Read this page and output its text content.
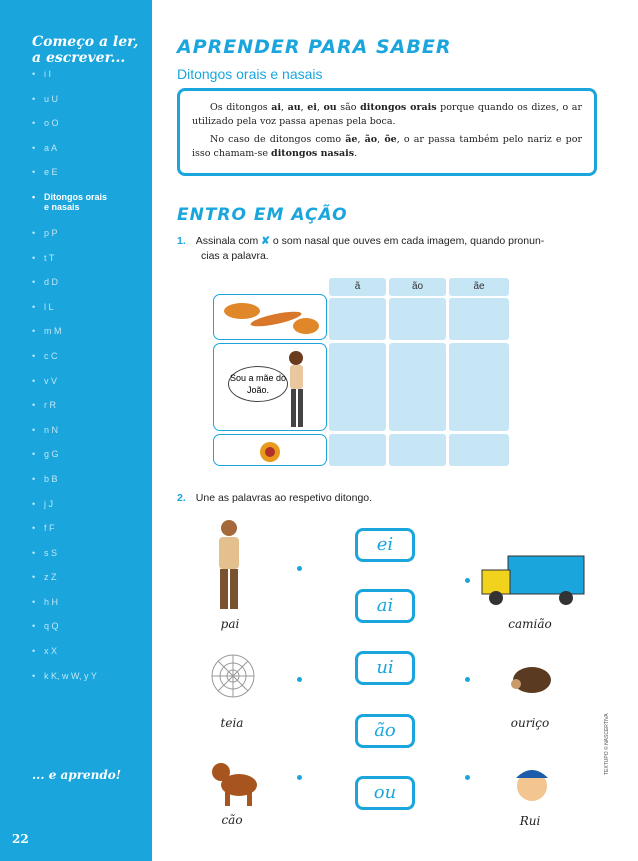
Começo a ler,
a escrever...
• i I
• u U
• o O
• a A
• e E
• Ditongos orais e nasais
• p P
• t T
• d D
• l L
• m M
• c C
• v V
• r R
• n N
• g G
• b B
• j J
• f F
• s S
• z Z
• h H
• q Q
• x X
• k K, w W, y Y
... e aprendo!
22
APRENDER PARA SABER
Ditongos orais e nasais

Os ditongos ai, au, ei, ou são ditongos orais porque quando os dizes, o ar utilizado pela voz passa apenas pela boca.

No caso de ditongos como ãe, ão, õe, o ar passa também pelo nariz e por isso chamam-se ditongos nasais.

ENTRO EM AÇÃO
1. Assinala com ✘ o som nasal que ouves em cada imagem, quando pronun-
cias a palavra.
ã	ão	ãe
Sou a mãe do João.
2. Une as palavras ao respetivo ditongo.
pai
teia
cão
camião
ouriço
Rui
ei
ai
ui
ão
ou
TEXTUPO © NASCERTIVA
